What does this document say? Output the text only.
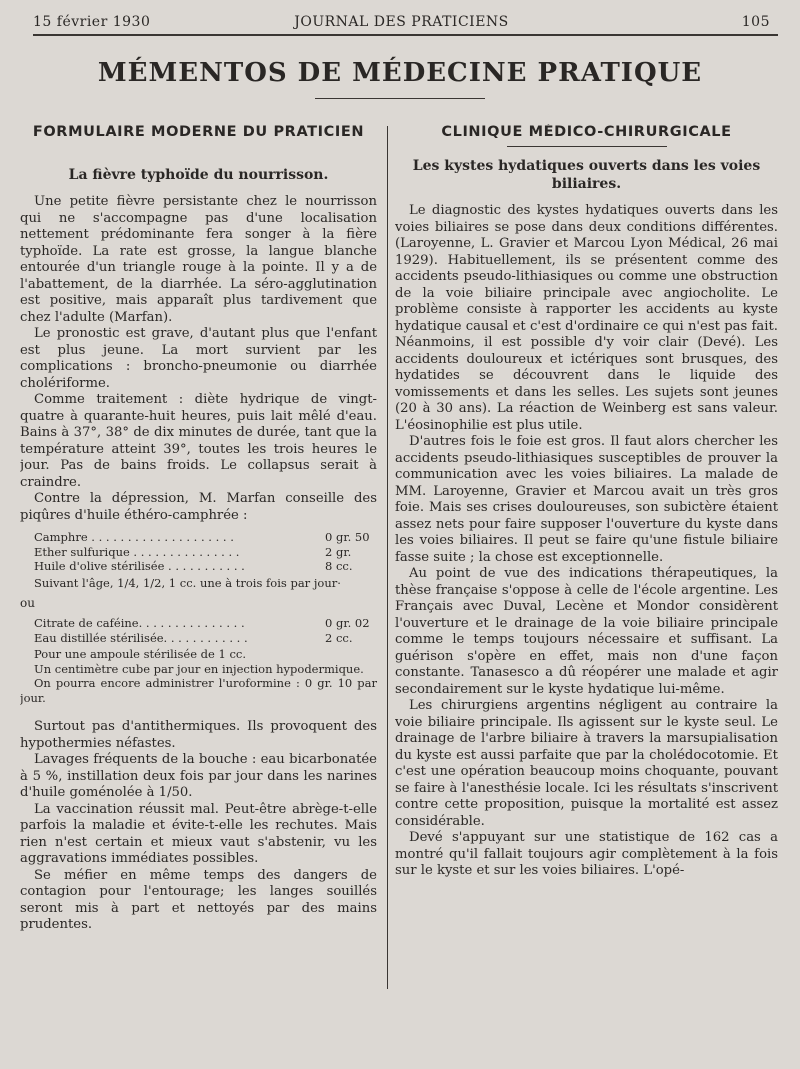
15 février 1930	JOURNAL DES PRATICIENS	105
MÉMENTOS DE MÉDECINE PRATIQUE
FORMULAIRE MODERNE DU PRATICIEN
La fièvre typhoïde du nourrisson.

Une petite fièvre persistante chez le nourrisson qui ne s'accompagne pas d'une localisation nettement prédominante fera songer à la fière typhoïde. La rate est grosse, la langue blanche entourée d'un triangle rouge à la pointe. Il y a de l'abattement, de la diarrhée. La séro-agglutination est positive, mais apparaît plus tardivement que chez l'adulte (Marfan).

Le pronostic est grave, d'autant plus que l'enfant est plus jeune. La mort survient par les complications : broncho-pneumonie ou diarrhée cholériforme.

Comme traitement : diète hydrique de vingt-quatre à quarante-huit heures, puis lait mêlé d'eau. Bains à 37°, 38° de dix minutes de durée, tant que la température atteint 39°, toutes les trois heures le jour. Pas de bains froids. Le collapsus serait à craindre.

Contre la dépression, M. Marfan conseille des piqûres d'huile éthéro-camphrée :

Camphre . . . . . . . . . . . . . . . . . . . .	0 gr. 50
Ether sulfurique . . . . . . . . . . . . . . .	2 gr.
Huile d'olive stérilisée . . . . . . . . . . .	8 cc.

Suivant l'âge, 1/4, 1/2, 1 cc. une à trois fois par jour·

ou
Citrate de caféine. . . . . . . . . . . . . . .	0 gr. 02
Eau distillée stérilisée. . . . . . . . . . . .	2 cc.

Pour une ampoule stérilisée de 1 cc.

Un centimètre cube par jour en injection hypodermique.

On pourra encore administrer l'uroformine : 0 gr. 10 par jour.

Surtout pas d'antithermiques. Ils provoquent des hypothermies néfastes.

Lavages fréquents de la bouche : eau bicarbonatée à 5 %, instillation deux fois par jour dans les narines d'huile goménolée à 1/50.

La vaccination réussit mal. Peut-être abrège-t-elle parfois la maladie et évite-t-elle les rechutes. Mais rien n'est certain et mieux vaut s'abstenir, vu les aggravations immédiates possibles.

Se méfier en même temps des dangers de contagion pour l'entourage; les langes souillés seront mis à part et nettoyés par des mains prudentes.

CLINIQUE MÉDICO-CHIRURGICALE
Les kystes hydatiques ouverts dans les voies biliaires.

Le diagnostic des kystes hydatiques ouverts dans les voies biliaires se pose dans deux conditions différentes. (Laroyenne, L. Gravier et Marcou Lyon Médical, 26 mai 1929). Habituellement, ils se présentent comme des accidents pseudo-lithiasiques ou comme une obstruction de la voie biliaire principale avec angiocholite. Le problème consiste à rapporter les accidents au kyste hydatique causal et c'est d'ordinaire ce qui n'est pas fait. Néanmoins, il est possible d'y voir clair (Devé). Les accidents douloureux et ictériques sont brusques, des hydatides se découvrent dans le liquide des vomissements et dans les selles. Les sujets sont jeunes (20 à 30 ans). La réaction de Weinberg est sans valeur. L'éosinophilie est plus utile.

D'autres fois le foie est gros. Il faut alors chercher les accidents pseudo-lithiasiques susceptibles de prouver la communication avec les voies biliaires. La malade de MM. Laroyenne, Gravier et Marcou avait un très gros foie. Mais ses crises douloureuses, son subictère étaient assez nets pour faire supposer l'ouverture du kyste dans les voies biliaires. Il peut se faire qu'une fistule biliaire fasse suite ; la chose est exceptionnelle.

Au point de vue des indications thérapeutiques, la thèse française s'oppose à celle de l'école argentine. Les Français avec Duval, Lecène et Mondor considèrent l'ouverture et le drainage de la voie biliaire principale comme le temps toujours nécessaire et suffisant. La guérison s'opère en effet, mais non d'une façon constante. Tanasesco a dû réopérer une malade et agir secondairement sur le kyste hydatique lui-même.

Les chirurgiens argentins négligent au contraire la voie biliaire principale. Ils agissent sur le kyste seul. Le drainage de l'arbre biliaire à travers la marsupialisation du kyste est aussi parfaite que par la cholédocotomie. Et c'est une opération beaucoup moins choquante, pouvant se faire à l'anesthésie locale. Ici les résultats s'inscrivent contre cette proposition, puisque la mortalité est assez considérable.

Devé s'appuyant sur une statistique de 162 cas a montré qu'il fallait toujours agir complètement à la fois sur le kyste et sur les voies biliaires. L'opé-
